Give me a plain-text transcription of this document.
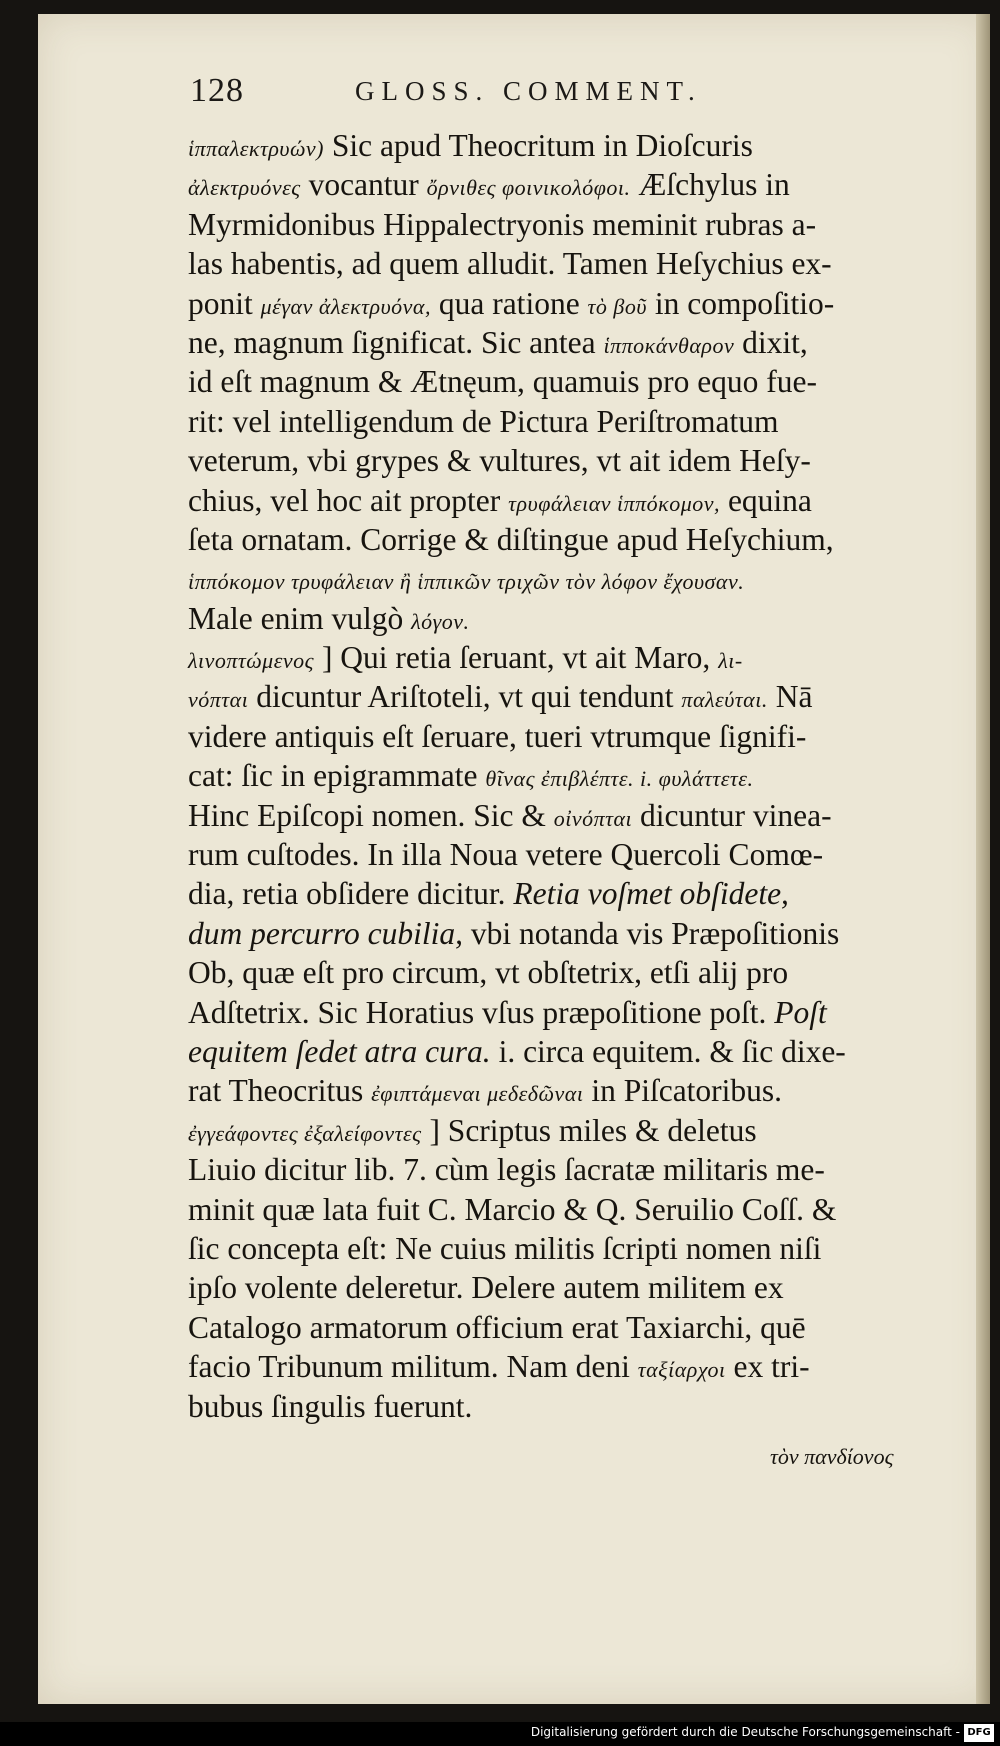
128	GLOSS. COMMENT.
ἱππαλεκτρυών) Sic apud Theocritum in Dioſcuris
ἀλεκτρυόνες vocantur ὄρνιθες φοινικολόφοι. Æſchylus in
Myrmidonibus Hippalectryonis meminit rubras a-
las habentis, ad quem alludit. Tamen Heſychius ex-
ponit μέγαν ἀλεκτρυόνα, qua ratione τὸ βοῦ in compoſitio-
ne, magnum ſignificat. Sic antea ἱπποκάνθαρον dixit,
id eſt magnum & Ætnęum, quamuis pro equo fue-
rit: vel intelligendum de Pictura Periſtromatum
veterum, vbi grypes & vultures, vt ait idem Heſy-
chius, vel hoc ait propter τρυφάλειαν ἱππόκομον, equina
ſeta ornatam. Corrige & diſtingue apud Heſychium,
ἱππόκομον τρυφάλειαν ἢ ἱππικῶν τριχῶν τὸν λόφον ἔχουσαν.
Male enim vulgò λόγον.
λινοπτώμενος ] Qui retia ſeruant, vt ait Maro, λι-
νόπται dicuntur Ariſtoteli, vt qui tendunt παλεύται. Nā
videre antiquis eſt ſeruare, tueri vtrumque ſignifi-
cat: ſic in epigrammate θῖνας ἐπιβλέπτε. i. φυλάττετε.
Hinc Epiſcopi nomen. Sic & οἰνόπται dicuntur vinea-
rum cuſtodes. In illa Noua vetere Quercoli Comœ-
dia, retia obſidere dicitur. Retia voſmet obſidete,
dum percurro cubilia, vbi notanda vis Præpoſitionis
Ob, quæ eſt pro circum, vt obſtetrix, etſi alij pro
Adſtetrix. Sic Horatius vſus præpoſitione poſt. Poſt
equitem ſedet atra cura. i. circa equitem. & ſic dixe-
rat Theocritus ἐφιπτάμεναι μεδεδῶναι in Piſcatoribus.
ἐγγεάφοντες ἐξαλείφοντες ] Scriptus miles & deletus
Liuio dicitur lib. 7. cùm legis ſacratæ militaris me-
minit quæ lata fuit C. Marcio & Q. Seruilio Coſſ. &
ſic concepta eſt: Ne cuius militis ſcripti nomen niſi
ipſo volente deleretur. Delere autem militem ex
Catalogo armatorum officium erat Taxiarchi, quē
facio Tribunum militum. Nam deni ταξίαρχοι ex tri-
bubus ſingulis fuerunt.
τὸν πανδίονος
Digitalisierung gefördert durch die Deutsche Forschungsgemeinschaft - DFG
